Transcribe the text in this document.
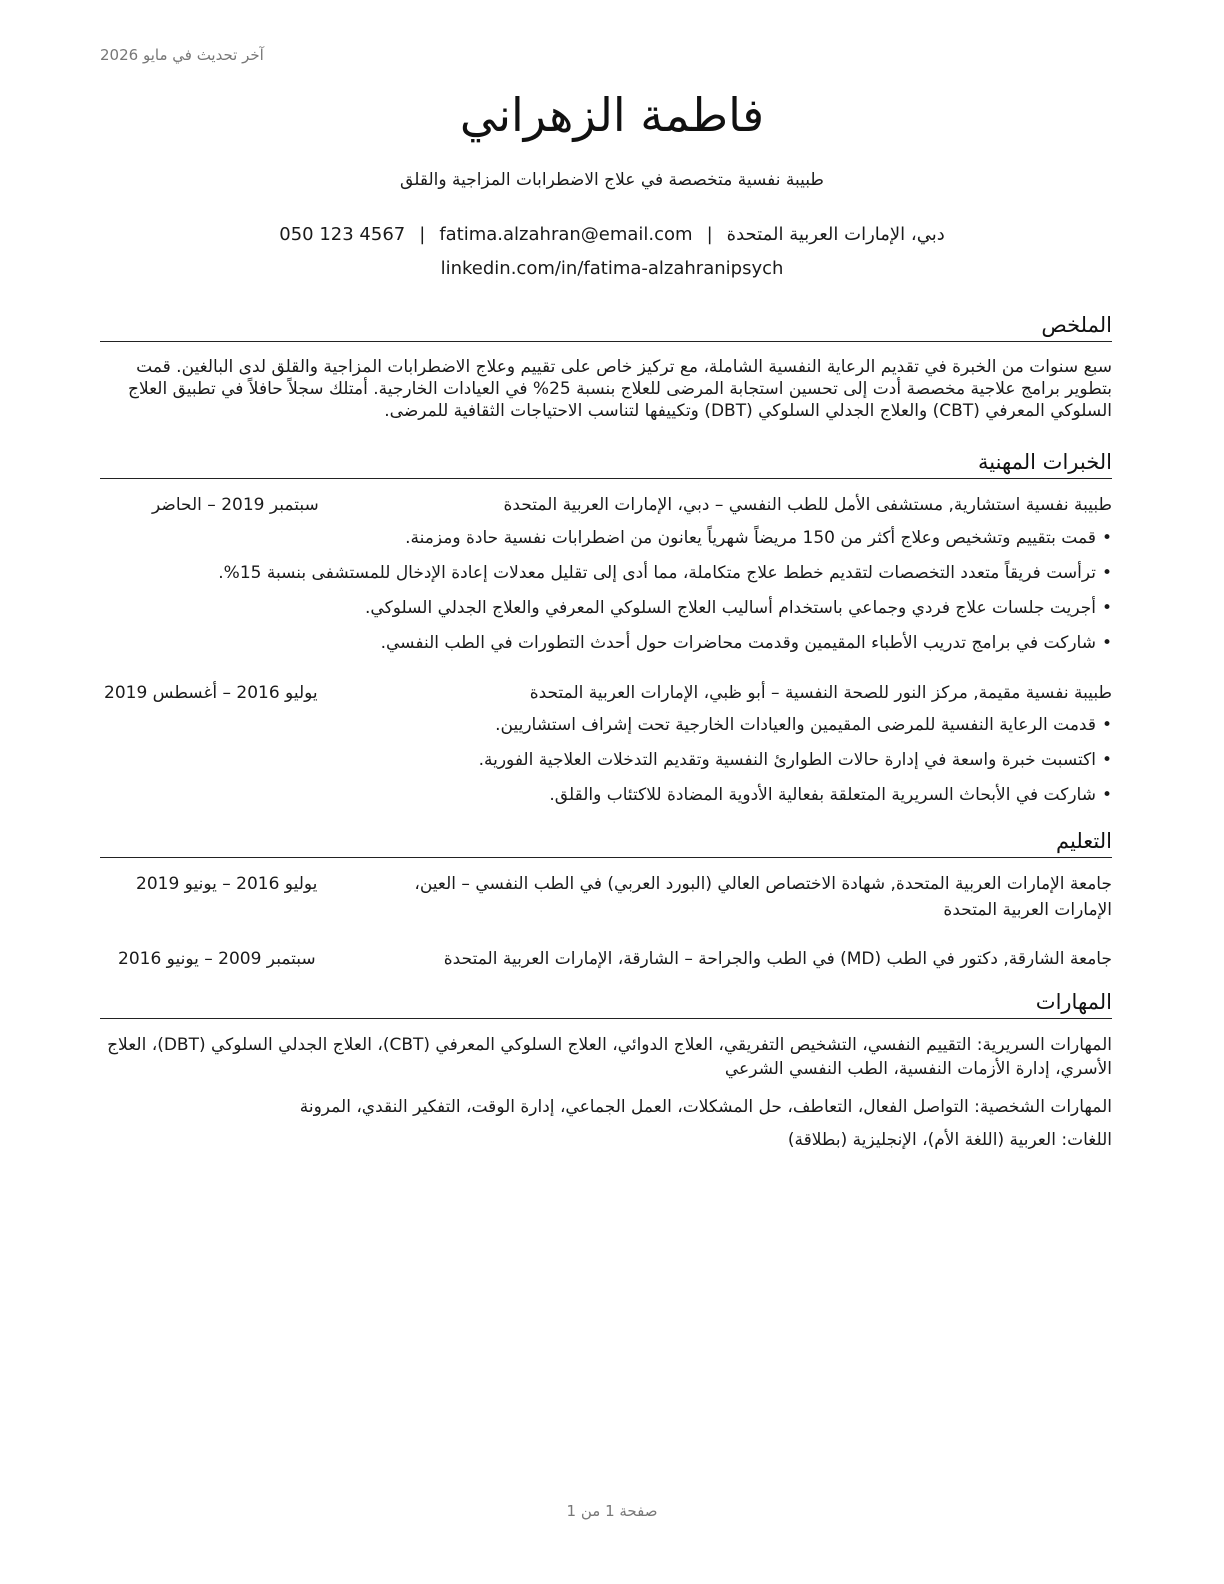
آخر تحديث في مايو 2026
فاطمة الزهراني
طبيبة نفسية متخصصة في علاج الاضطرابات المزاجية والقلق
دبي، الإمارات العربية المتحدة|fatima.alzahran@email.com|050 123 4567
linkedin.com/in/fatima-alzahranipsych
الملخص
سبع سنوات من الخبرة في تقديم الرعاية النفسية الشاملة، مع تركيز خاص على تقييم وعلاج الاضطرابات المزاجية والقلق لدى البالغين. قمت بتطوير برامج علاجية مخصصة أدت إلى تحسين استجابة المرضى للعلاج بنسبة 25% في العيادات الخارجية. أمتلك سجلاً حافلاً في تطبيق العلاج السلوكي المعرفي (CBT) والعلاج الجدلي السلوكي (DBT) وتكييفها لتناسب الاحتياجات الثقافية للمرضى.
الخبرات المهنية
طبيبة نفسية استشارية, مستشفى الأمل للطب النفسي – دبي، الإمارات العربية المتحدة
سبتمبر 2019 – الحاضر
•قمت بتقييم وتشخيص وعلاج أكثر من 150 مريضاً شهرياً يعانون من اضطرابات نفسية حادة ومزمنة.
•ترأست فريقاً متعدد التخصصات لتقديم خطط علاج متكاملة، مما أدى إلى تقليل معدلات إعادة الإدخال للمستشفى بنسبة 15%.
•أجريت جلسات علاج فردي وجماعي باستخدام أساليب العلاج السلوكي المعرفي والعلاج الجدلي السلوكي.
•شاركت في برامج تدريب الأطباء المقيمين وقدمت محاضرات حول أحدث التطورات في الطب النفسي.
طبيبة نفسية مقيمة, مركز النور للصحة النفسية – أبو ظبي، الإمارات العربية المتحدة
يوليو 2016 – أغسطس 2019
•قدمت الرعاية النفسية للمرضى المقيمين والعيادات الخارجية تحت إشراف استشاريين.
•اكتسبت خبرة واسعة في إدارة حالات الطوارئ النفسية وتقديم التدخلات العلاجية الفورية.
•شاركت في الأبحاث السريرية المتعلقة بفعالية الأدوية المضادة للاكتئاب والقلق.
التعليم
جامعة الإمارات العربية المتحدة, شهادة الاختصاص العالي (البورد العربي) في الطب النفسي – العين،
يوليو 2016 – يونيو 2019
الإمارات العربية المتحدة
جامعة الشارقة, دكتور في الطب (MD) في الطب والجراحة – الشارقة، الإمارات العربية المتحدة
سبتمبر 2009 – يونيو 2016
المهارات
المهارات السريرية: التقييم النفسي، التشخيص التفريقي، العلاج الدوائي، العلاج السلوكي المعرفي (CBT)، العلاج الجدلي السلوكي (DBT)، العلاج الأسري، إدارة الأزمات النفسية، الطب النفسي الشرعي
المهارات الشخصية: التواصل الفعال، التعاطف، حل المشكلات، العمل الجماعي، إدارة الوقت، التفكير النقدي، المرونة
اللغات: العربية (اللغة الأم)، الإنجليزية (بطلاقة)
صفحة 1 من 1
